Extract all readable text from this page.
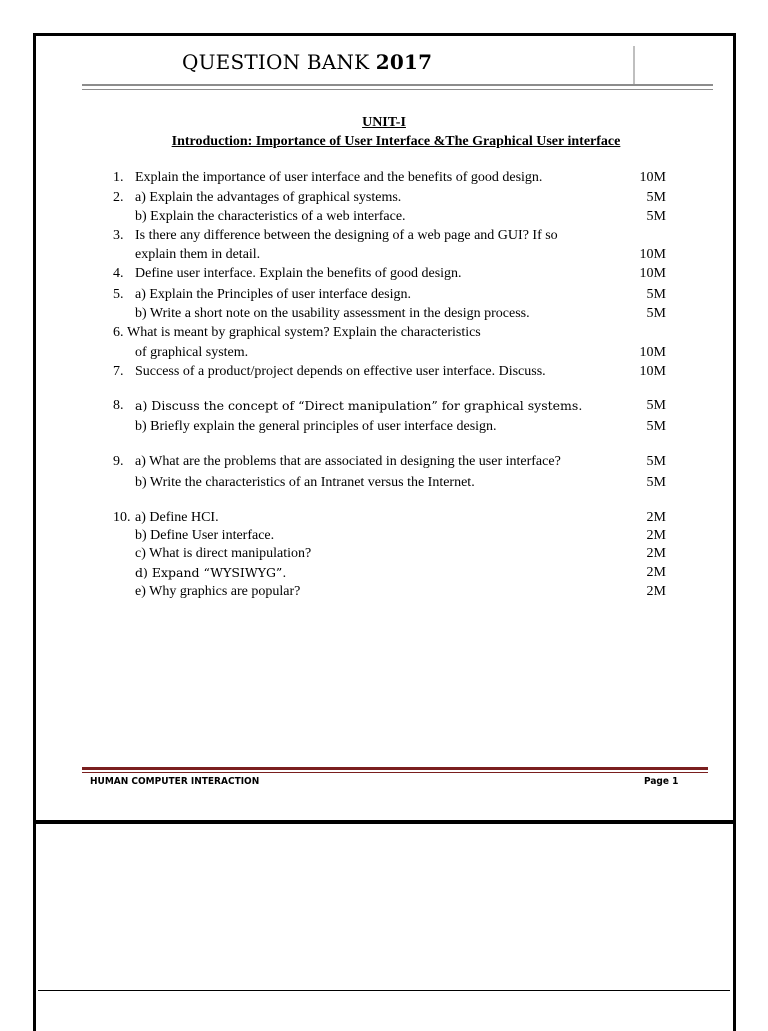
QUESTION BANK 2017
UNIT-I
Introduction: Importance of User Interface &The Graphical User interface
1. Explain the importance of user interface and the benefits of good design.	10M
2. a) Explain the advantages of graphical systems.	5M
b) Explain the characteristics of a web interface.	5M
3. Is there any difference between the designing of a web page and GUI? If so
explain them in detail.	10M
4. Define user interface. Explain the benefits of good design.	10M
5. a) Explain the Principles of user interface design.	5M
b) Write a short note on the usability assessment in the design process.	5M
6. What is meant by graphical system? Explain the characteristics
of graphical system.	10M
7. Success of a product/project depends on effective user interface. Discuss.	10M
8. a) Discuss the concept of “Direct manipulation” for graphical systems.	5M
b) Briefly explain the general principles of user interface design.	5M
9. a) What are the problems that are associated in designing the user interface?	5M
b) Write the characteristics of an Intranet versus the Internet.	5M
10. a) Define HCI.	2M
b) Define User interface.	2M
c) What is direct manipulation?	2M
d) Expand “WYSIWYG”.	2M
e) Why graphics are popular?	2M
HUMAN COMPUTER INTERACTION	Page 1
